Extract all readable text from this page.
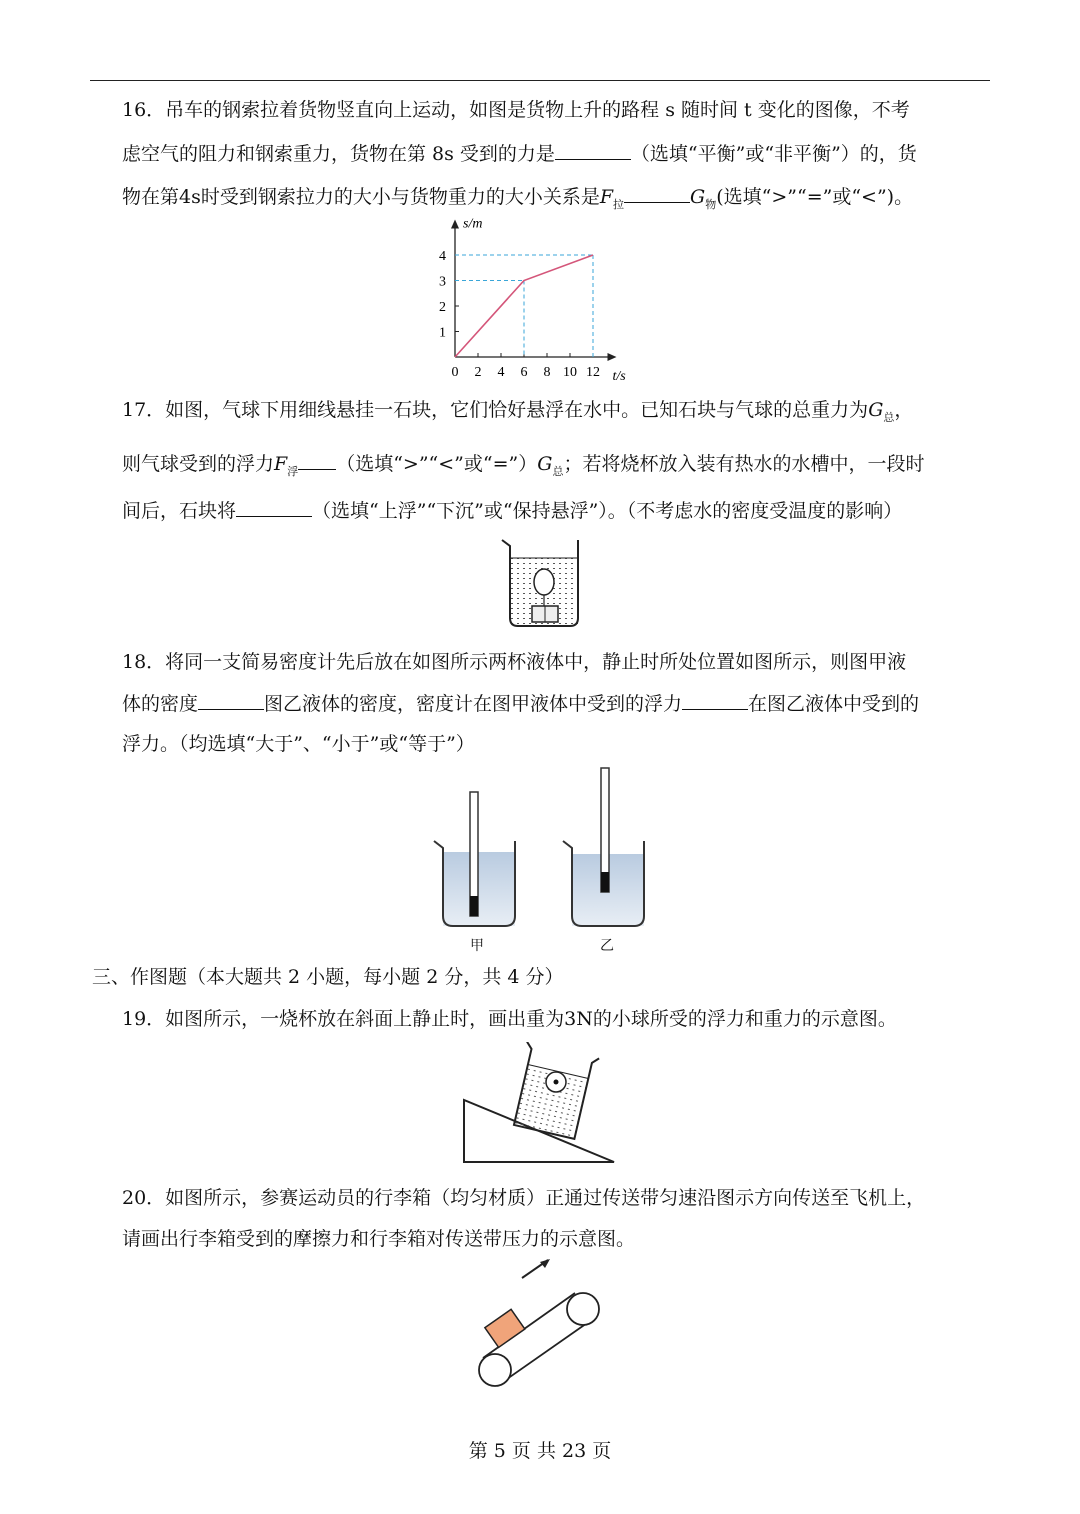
16．吊车的钢索拉着货物竖直向上运动，如图是货物上升的路程 s 随时间 t 变化的图像，不考
虑空气的阻力和钢索重力，货物在第 8s 受到的力是	（选填“平衡”或“非平衡”）的，货
物在第4s时受到钢索拉力的大小与货物重力的大小关系是$F_拉$	$G_物$(选填“>”“=”或“<”)。
0 2 4 6 8 10 12
1
2
3
4
s/m
t/s
17．如图，气球下用细线悬挂一石块，它们恰好悬浮在水中。已知石块与气球的总重力为$G_总$，
则气球受到的浮力$F_浮$ （选填“>”“<”或“$=”)G_总$；若将烧杯放入装有热水的水槽中，一段时
间后，石块将	（选填“上浮”“下沉”或“保持悬浮”）。（不考虑水的密度受温度的影响）
18．将同一支简易密度计先后放在如图所示两杯液体中，静止时所处位置如图所示，则图甲液
体的密度	图乙液体的密度，密度计在图甲液体中受到的浮力	在图乙液体中受到的
浮力。（均选填“大于”、“小于”或“等于”）
甲	乙
三、作图题（本大题共 2 小题，每小题 2 分，共 4 分）
19．如图所示，一烧杯放在斜面上静止时，画出重为3N的小球所受的浮力和重力的示意图。
20．如图所示，参赛运动员的行李箱（均匀材质）正通过传送带匀速沿图示方向传送至飞机上，
请画出行李箱受到的摩擦力和行李箱对传送带压力的示意图。
第 5 页 共 23 页
